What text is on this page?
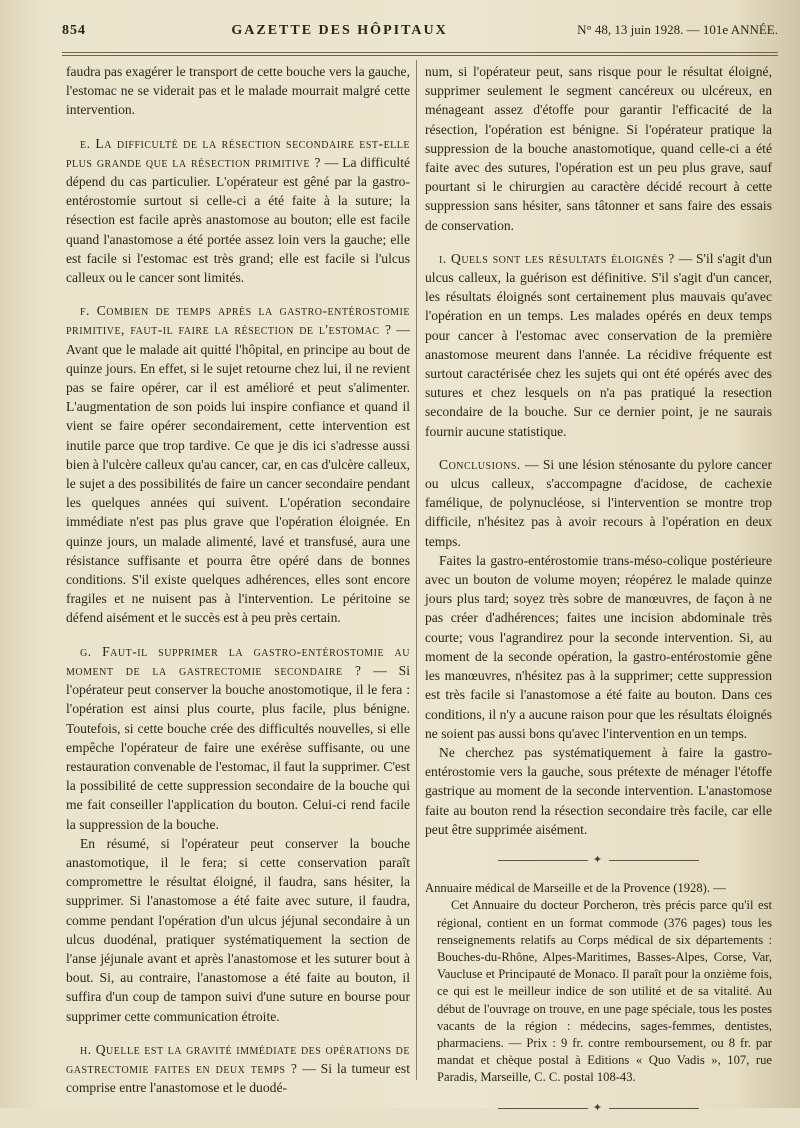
854	GAZETTE DES HÔPITAUX	N° 48, 13 juin 1928. — 101e ANNÉE.

faudra pas exagérer le transport de cette bouche vers la gauche, l'estomac ne se viderait pas et le malade mourrait malgré cette intervention.

e. La difficulté de la résection secondaire est-elle plus grande que la résection primitive ? — La difficulté dépend du cas particulier. L'opérateur est gêné par la gastro-entérostomie surtout si celle-ci a été faite à la suture; la résection est facile après anastomose au bouton; elle est facile quand l'anastomose a été portée assez loin vers la gauche; elle est facile si l'estomac est très grand; elle est facile si l'ulcus calleux ou le cancer sont limités.

f. Combien de temps après la gastro-entérostomie primitive, faut-il faire la résection de l'estomac ? — Avant que le malade ait quitté l'hôpital, en principe au bout de quinze jours. En effet, si le sujet retourne chez lui, il ne revient pas se faire opérer, car il est amélioré et peut s'alimenter. L'augmentation de son poids lui inspire confiance et quand il vient se faire opérer secondairement, cette intervention est inutile parce que trop tardive. Ce que je dis ici s'adresse aussi bien à l'ulcère calleux qu'au cancer, car, en cas d'ulcère calleux, le sujet a des possibilités de faire un cancer secondaire pendant les quelques années qui suivent. L'opération secondaire immédiate n'est pas plus grave que l'opération éloignée. En quinze jours, un malade alimenté, lavé et transfusé, aura une résistance suffisante et pourra être opéré dans de bonnes conditions. S'il existe quelques adhérences, elles sont encore fragiles et ne nuisent pas à l'intervention. Le péritoine se défend aisément et le succès est à peu près certain.

g. Faut-il supprimer la gastro-entérostomie au moment de la gastrectomie secondaire ? — Si l'opérateur peut conserver la bouche anostomotique, il le fera : l'opération est ainsi plus courte, plus facile, plus bénigne. Toutefois, si cette bouche crée des difficultés nouvelles, si elle empêche l'opérateur de faire une exérèse suffisante, ou une restauration convenable de l'estomac, il faut la supprimer. C'est la possibilité de cette suppression secondaire de la bouche qui me fait conseiller l'application du bouton. Celui-ci rend facile la suppression de la bouche.

En résumé, si l'opérateur peut conserver la bouche anastomotique, il le fera; si cette conservation paraît compromettre le résultat éloigné, il faudra, sans hésiter, la supprimer. Si l'anastomose a été faite avec suture, il faudra, comme pendant l'opération d'un ulcus jéjunal secondaire à un ulcus duodénal, pratiquer systématiquement la section de l'anse jéjunale avant et après l'anastomose et les suturer bout à bout. Si, au contraire, l'anastomose a été faite au bouton, il suffira d'un coup de tampon suivi d'une suture en bourse pour supprimer cette communication étroite.

h. Quelle est la gravité immédiate des opérations de gastrectomie faites en deux temps ? — Si la tumeur est comprise entre l'anastomose et le duodé-

num, si l'opérateur peut, sans risque pour le résultat éloigné, supprimer seulement le segment cancéreux ou ulcéreux, en ménageant assez d'étoffe pour garantir l'efficacité de la résection, l'opération est bénigne. Si l'opérateur pratique la suppression de la bouche anastomotique, quand celle-ci a été faite avec des sutures, l'opération est un peu plus grave, sauf pourtant si le chirurgien au caractère décidé recourt à cette suppression sans hésiter, sans tâtonner et sans faire des essais de conservation.

i. Quels sont les résultats éloignés ? — S'il s'agit d'un ulcus calleux, la guérison est définitive. S'il s'agit d'un cancer, les résultats éloignés sont certainement plus mauvais qu'avec l'opération en un temps. Les malades opérés en deux temps pour cancer à l'estomac avec conservation de la première anastomose meurent dans l'année. La récidive fréquente est surtout caractérisée chez les sujets qui ont été opérés avec des sutures et chez lesquels on n'a pas pratiqué la resection secondaire de la bouche. Sur ce dernier point, je ne saurais fournir aucune statistique.

Conclusions. — Si une lésion sténosante du pylore cancer ou ulcus calleux, s'accompagne d'acidose, de cachexie famélique, de polynucléose, si l'intervention se montre trop difficile, n'hésitez pas à avoir recours à l'opération en deux temps.

Faites la gastro-entérostomie trans-méso-colique postérieure avec un bouton de volume moyen; réopérez le malade quinze jours plus tard; soyez très sobre de manœuvres, de façon à ne pas créer d'adhérences; faites une incision abdominale très courte; vous l'agrandirez pour la seconde intervention. Si, au moment de la seconde opération, la gastro-entérostomie gêne les manœuvres, n'hésitez pas à la supprimer; cette suppression est très facile si l'anastomose a été faite au bouton. Dans ces conditions, il n'y a aucune raison pour que les résultats éloignés ne soient pas aussi bons qu'avec l'intervention en un temps.

Ne cherchez pas systématiquement à faire la gastro-entérostomie vers la gauche, sous prétexte de ménager l'étoffe gastrique au moment de la seconde intervention. L'anastomose faite au bouton rend la résection secondaire très facile, car elle peut être supprimée aisément.

✦

Annuaire médical de Marseille et de la Provence (1928). —

Cet Annuaire du docteur Porcheron, très précis parce qu'il est régional, contient en un format commode (376 pages) tous les renseignements relatifs au Corps médical de six départements : Bouches-du-Rhône, Alpes-Maritimes, Basses-Alpes, Corse, Var, Vaucluse et Principauté de Monaco. Il paraît pour la onzième fois, ce qui est le meilleur indice de son utilité et de sa vitalité. Au début de l'ouvrage on trouve, en une page spéciale, tous les postes vacants de la région : médecins, sages-femmes, dentistes, pharmaciens. — Prix : 9 fr. contre remboursement, ou 8 fr. par mandat et chèque postal à Editions « Quo Vadis », 107, rue Paradis, Marseille, C. C. postal 108-43.

✦
